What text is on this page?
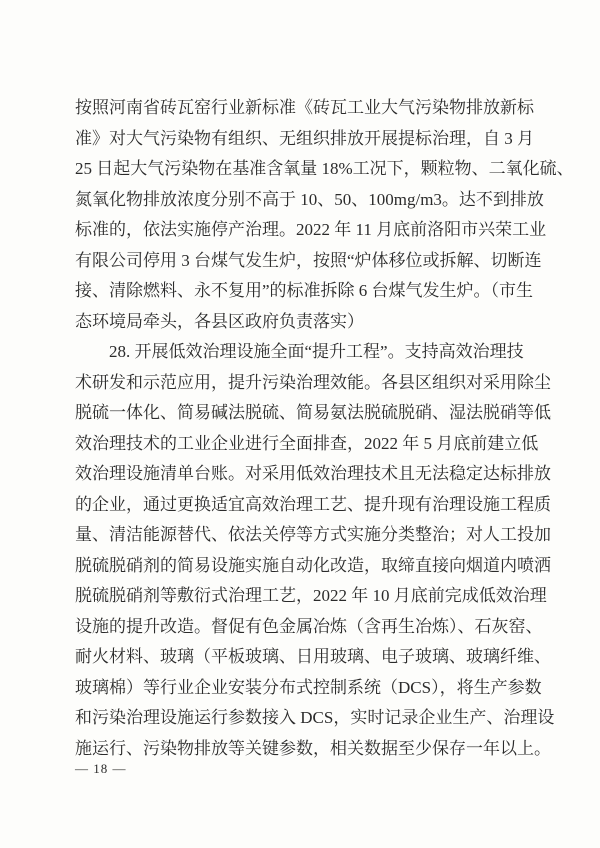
按照河南省砖瓦窑行业新标准《砖瓦工业大气污染物排放新标
准》对大气污染物有组织、无组织排放开展提标治理，自 3 月
25 日起大气污染物在基准含氧量 18%工况下，颗粒物、二氧化硫、
氮氧化物排放浓度分别不高于 10、50、100mg/m3。达不到排放
标准的，依法实施停产治理。2022 年 11 月底前洛阳市兴荣工业
有限公司停用 3 台煤气发生炉，按照“炉体移位或拆解、切断连
接、清除燃料、永不复用”的标准拆除 6 台煤气发生炉。（市生
态环境局牵头，各县区政府负责落实）
28. 开展低效治理设施全面“提升工程”。支持高效治理技
术研发和示范应用，提升污染治理效能。各县区组织对采用除尘
脱硫一体化、简易碱法脱硫、简易氨法脱硫脱硝、湿法脱硝等低
效治理技术的工业企业进行全面排查，2022 年 5 月底前建立低
效治理设施清单台账。对采用低效治理技术且无法稳定达标排放
的企业，通过更换适宜高效治理工艺、提升现有治理设施工程质
量、清洁能源替代、依法关停等方式实施分类整治；对人工投加
脱硫脱硝剂的简易设施实施自动化改造，取缔直接向烟道内喷洒
脱硫脱硝剂等敷衍式治理工艺，2022 年 10 月底前完成低效治理
设施的提升改造。督促有色金属冶炼（含再生冶炼）、石灰窑、
耐火材料、玻璃（平板玻璃、日用玻璃、电子玻璃、玻璃纤维、
玻璃棉）等行业企业安装分布式控制系统（DCS），将生产参数
和污染治理设施运行参数接入 DCS，实时记录企业生产、治理设
施运行、污染物排放等关键参数，相关数据至少保存一年以上。
— 18 —
